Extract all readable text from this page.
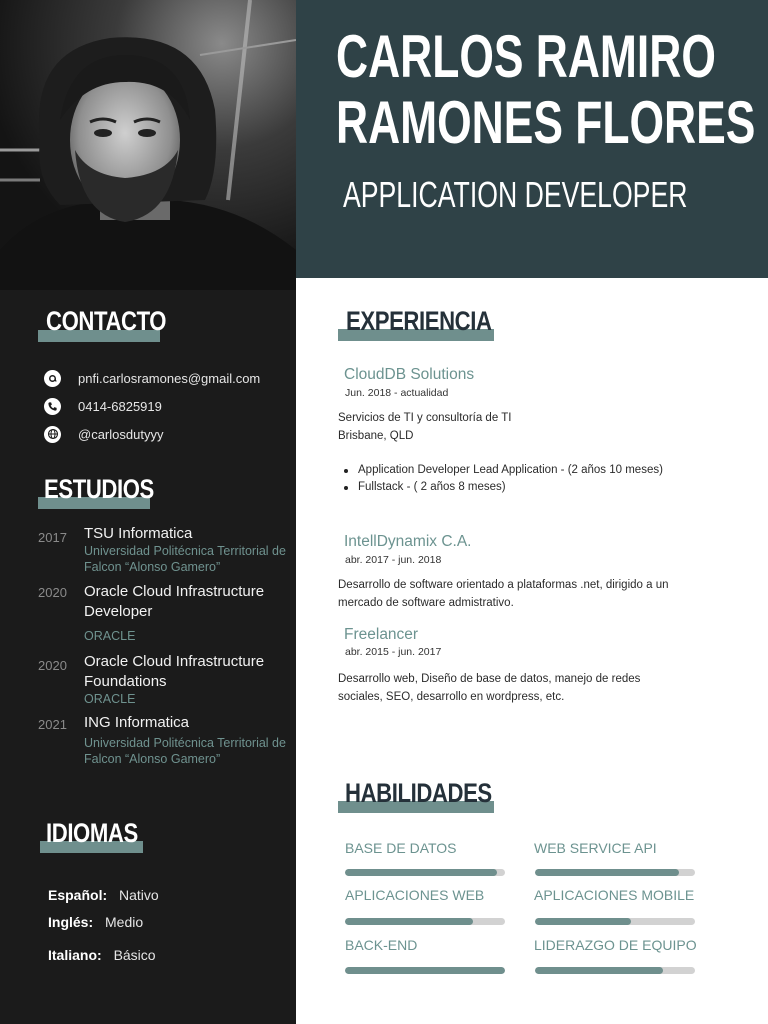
CONTACTO
pnfi.carlosramones@gmail.com
0414-6825919
@carlosdutyyy
ESTUDIOS
2017 TSU Informatica
Universidad Politécnica Territorial de Falcon “Alonso Gamero”
2020 Oracle Cloud Infrastructure Developer
ORACLE
2020 Oracle Cloud Infrastructure Foundations
ORACLE
2021 ING Informatica
Universidad Politécnica Territorial de Falcon “Alonso Gamero”
IDIOMAS
Español: Nativo
Inglés: Medio
Italiano: Básico
CARLOS RAMIRO
RAMONES FLORES
APPLICATION DEVELOPER
EXPERIENCIA
CloudDB Solutions
Jun. 2018 - actualidad
Servicios de TI y consultoría de TI
Brisbane, QLD
Application Developer Lead Application - (2 años 10 meses)
Fullstack - ( 2 años 8 meses)
IntellDynamix C.A.
abr. 2017 - jun. 2018
Desarrollo de software orientado a plataformas .net, dirigido a un mercado de software admistrativo.
Freelancer
abr. 2015 - jun. 2017
Desarrollo web, Diseño de base de datos, manejo de redes sociales, SEO, desarrollo en wordpress, etc.
HABILIDADES
BASE DE DATOS	WEB SERVICE API
APLICACIONES WEB	APLICACIONES MOBILE
BACK-END	LIDERAZGO DE EQUIPO
